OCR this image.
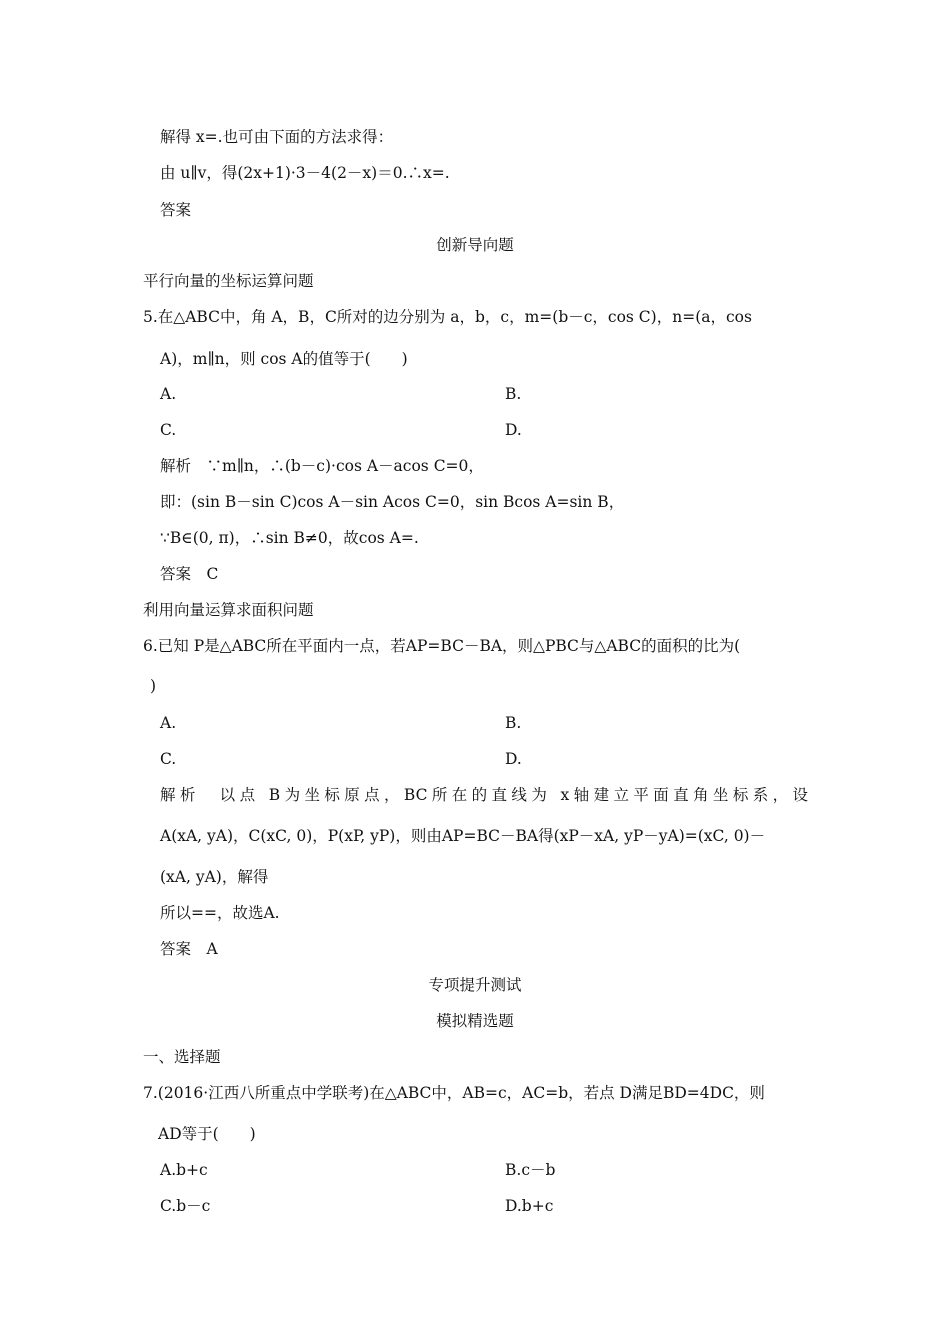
解得 x=.也可由下面的方法求得：
由 u∥v，得(2x+1)·3－4(2－x)＝0.∴x=.
答案
创新导向题
平行向量的坐标运算问题
5.在△ABC中，角 A，B，C所对的边分别为 a，b，c，m=(b－c，cos C)，n=(a，cos
A)，m∥n，则 cos A的值等于(　　)
A.	B.
C.	D.
解析　∵m∥n，∴(b－c)·cos A－acos C=0，
即：(sin B－sin C)cos A－sin Acos C=0，sin Bcos A=sin B，
∵B∈(0, π)，∴sin B≠0，故cos A=.
答案　C
利用向量运算求面积问题
6.已知 P是△ABC所在平面内一点，若AP=BC－BA，则△PBC与△ABC的面积的比为(
)
A.	B.
C.	D.
解析　以点 B为坐标原点，BC所在的直线为 x轴建立平面直角坐标系，设
A(xA, yA)，C(xC, 0)，P(xP, yP)，则由AP=BC－BA得(xP－xA, yP－yA)=(xC, 0)－
(xA, yA)，解得
所以==，故选A.
答案　A
专项提升测试
模拟精选题
一、选择题
7.(2016·江西八所重点中学联考)在△ABC中，AB=c，AC=b，若点 D满足BD=4DC，则
AD等于(　　)
A.b+c	B.c－b
C.b－c	D.b+c
